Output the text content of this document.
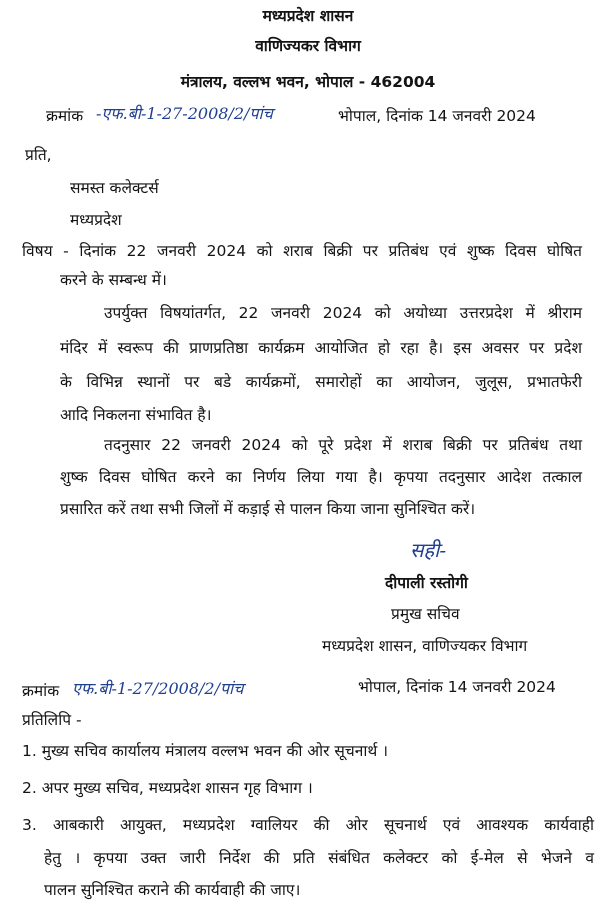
मध्यप्रदेश शासन
वाणिज्यकर विभाग
मंत्रालय, वल्लभ भवन, भोपाल - 462004
क्रमांक -एफ.बी-1-27-2008/2/पांच	भोपाल, दिनांक 14 जनवरी 2024
प्रति,
समस्त कलेक्टर्स
मध्यप्रदेश
विषय - दिनांक 22 जनवरी 2024 को शराब बिक्री पर प्रतिबंध एवं शुष्क दिवस घोषित
करने के सम्बन्ध में।
उपर्युक्त विषयांतर्गत, 22 जनवरी 2024 को अयोध्या उत्तरप्रदेश में श्रीराम
मंदिर में स्वरूप की प्राणप्रतिष्ठा कार्यक्रम आयोजित हो रहा है। इस अवसर पर प्रदेश
के विभिन्न स्थानों पर बडे कार्यक्रमों, समारोहों का आयोजन, जुलूस, प्रभातफेरी
आदि निकलना संभावित है।
तदनुसार 22 जनवरी 2024 को पूरे प्रदेश में शराब बिक्री पर प्रतिबंध तथा
शुष्क दिवस घोषित करने का निर्णय लिया गया है। कृपया तदनुसार आदेश तत्काल
प्रसारित करें तथा सभी जिलों में कड़ाई से पालन किया जाना सुनिश्चित करें।
सही-
दीपाली रस्तोगी
प्रमुख सचिव
मध्यप्रदेश शासन, वाणिज्यकर विभाग
क्रमांक एफ.बी-1-27/2008/2/पांच	भोपाल, दिनांक 14 जनवरी 2024
प्रतिलिपि -
1. मुख्य सचिव कार्यालय मंत्रालय वल्लभ भवन की ओर सूचनार्थ ।
2. अपर मुख्य सचिव, मध्यप्रदेश शासन गृह विभाग ।
3. आबकारी आयुक्त, मध्यप्रदेश ग्वालियर की ओर सूचनार्थ एवं आवश्यक कार्यवाही
हेतु । कृपया उक्त जारी निर्देश की प्रति संबंधित कलेक्टर को ई-मेल से भेजने व
पालन सुनिश्चित कराने की कार्यवाही की जाए।
